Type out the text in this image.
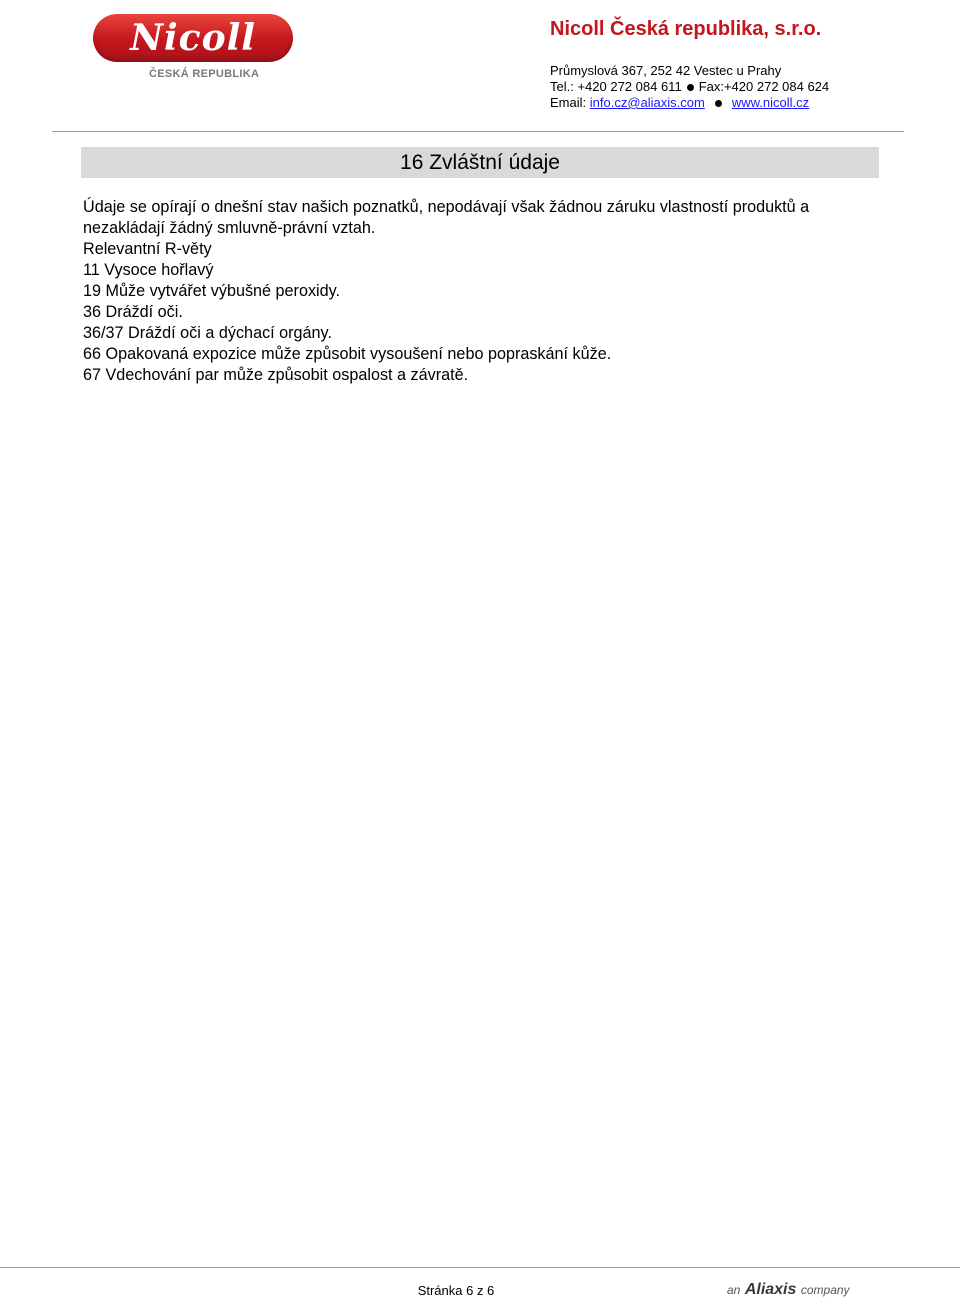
Nicoll
ČESKÁ REPUBLIKA
Nicoll Česká republika, s.r.o.
Průmyslová 367, 252 42 Vestec u Prahy
Tel.: +420 272 084 611 Fax:+420 272 084 624
Email: info.cz@aliaxis.com www.nicoll.cz
16 Zvláštní údaje

Údaje se opírají o dnešní stav našich poznatků, nepodávají však žádnou záruku vlastností produktů a nezakládají žádný smluvně-právní vztah.

Relevantní R-věty

11 Vysoce hořlavý

19 Může vytvářet výbušné peroxidy.

36 Dráždí oči.

36/37 Dráždí oči a dýchací orgány.

66 Opakovaná expozice může způsobit vysoušení nebo popraskání kůže.

67 Vdechování par může způsobit ospalost a závratě.

Stránka 6 z 6	an Aliaxis company
